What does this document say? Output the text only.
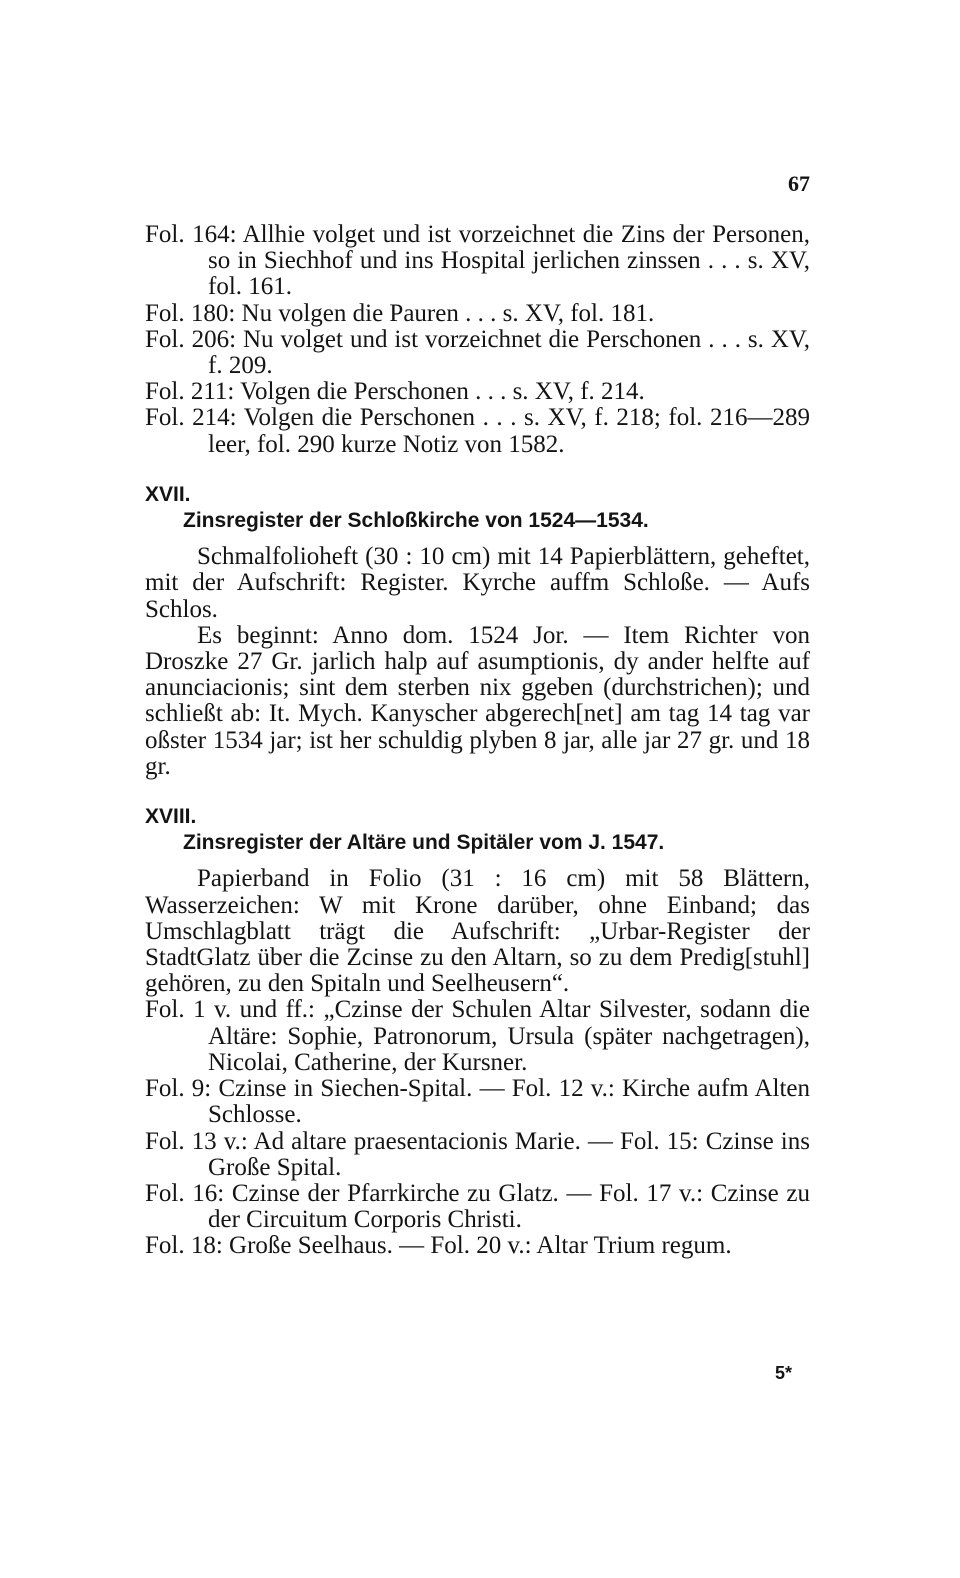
67

Fol. 164: Allhie volget und ist vorzeichnet die Zins der Personen, so in Siechhof und ins Hospital jerlichen zinssen . . . s. XV, fol. 161.

Fol. 180: Nu volgen die Pauren . . . s. XV, fol. 181.

Fol. 206: Nu volget und ist vorzeichnet die Perschonen . . . s. XV, f. 209.

Fol. 211: Volgen die Perschonen . . . s. XV, f. 214.

Fol. 214: Volgen die Perschonen . . . s. XV, f. 218; fol. 216—289 leer, fol. 290 kurze Notiz von 1582.

XVII.

Zinsregister der Schloßkirche von 1524—1534.

Schmalfolioheft (30 : 10 cm) mit 14 Papierblättern, geheftet, mit der Aufschrift: Register. Kyrche auffm Schloße. — Aufs Schlos.

Es beginnt: Anno dom. 1524 Jor. — Item Richter von Droszke 27 Gr. jarlich halp auf asumptionis, dy ander helfte auf anunciacionis; sint dem sterben nix ggeben (durchstrichen); und schließt ab: It. Mych. Kanyscher abgerech[net] am tag 14 tag var oßster 1534 jar; ist her schuldig plyben 8 jar, alle jar 27 gr. und 18 gr.

XVIII.

Zinsregister der Altäre und Spitäler vom J. 1547.

Papierband in Folio (31 : 16 cm) mit 58 Blättern, Wasserzeichen: W mit Krone darüber, ohne Einband; das Umschlagblatt trägt die Aufschrift: „Urbar-Register der StadtGlatz über die Zcinse zu den Altarn, so zu dem Predig[stuhl] gehören, zu den Spitaln und Seelheusern“.

Fol. 1 v. und ff.: „Czinse der Schulen Altar Silvester, sodann die Altäre: Sophie, Patronorum, Ursula (später nachgetragen), Nicolai, Catherine, der Kursner.

Fol. 9: Czinse in Siechen-Spital. — Fol. 12 v.: Kirche aufm Alten Schlosse.

Fol. 13 v.: Ad altare praesentacionis Marie. — Fol. 15: Czinse ins Große Spital.

Fol. 16: Czinse der Pfarrkirche zu Glatz. — Fol. 17 v.: Czinse zu der Circuitum Corporis Christi.

Fol. 18: Große Seelhaus. — Fol. 20 v.: Altar Trium regum.

5*
